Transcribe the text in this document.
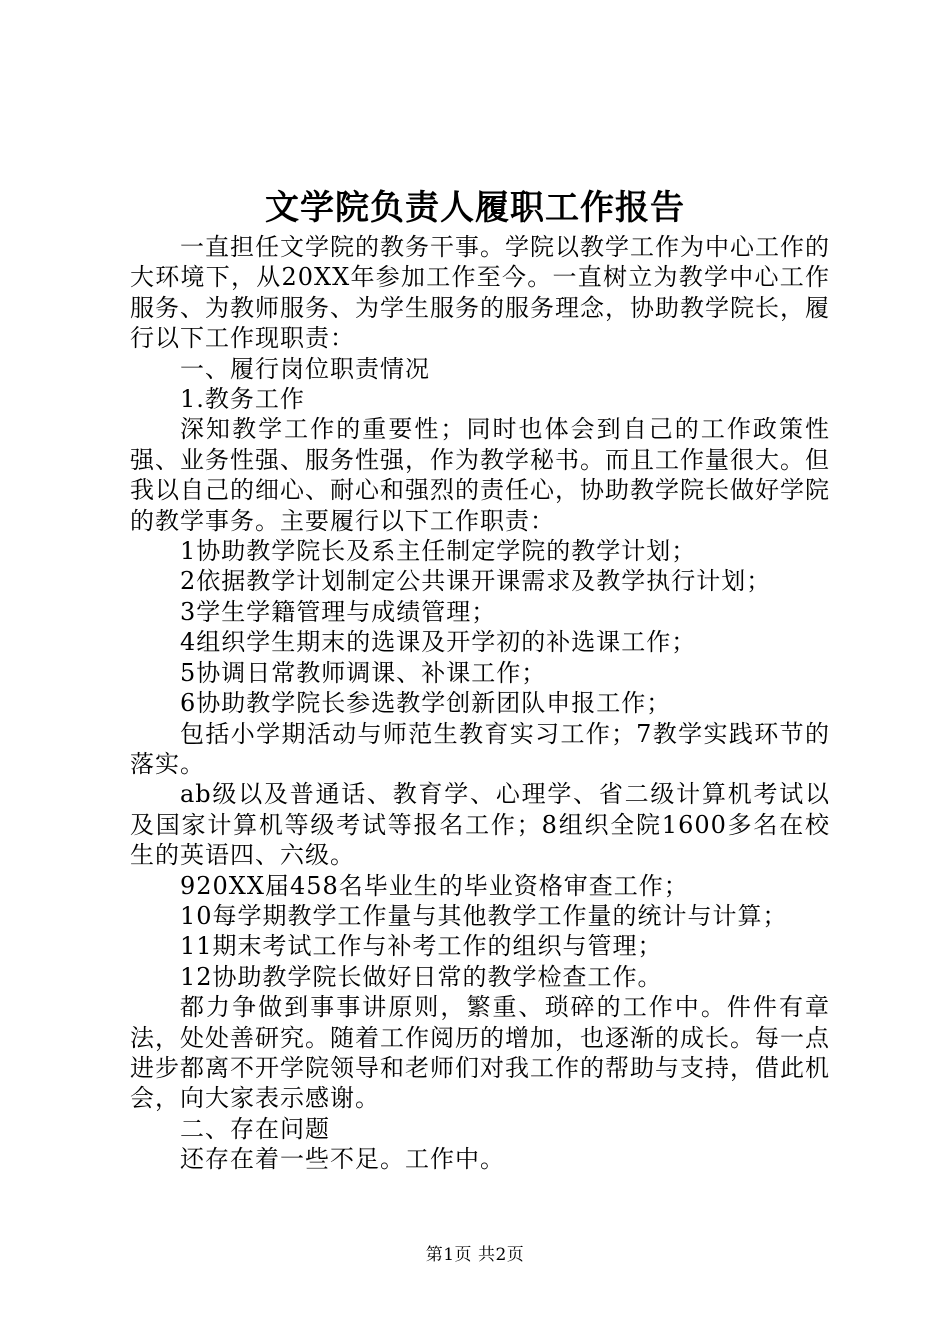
文学院负责人履职工作报告

一直担任文学院的教务干事。学院以教学工作为中心工作的大环境下，从20XX年参加工作至今。一直树立为教学中心工作服务、为教师服务、为学生服务的服务理念，协助教学院长，履行以下工作现职责：

一、履行岗位职责情况

1.教务工作

深知教学工作的重要性；同时也体会到自己的工作政策性强、业务性强、服务性强，作为教学秘书。而且工作量很大。但我以自己的细心、耐心和强烈的责任心，协助教学院长做好学院的教学事务。主要履行以下工作职责：

1协助教学院长及系主任制定学院的教学计划；

2依据教学计划制定公共课开课需求及教学执行计划；

3学生学籍管理与成绩管理；

4组织学生期末的选课及开学初的补选课工作；

5协调日常教师调课、补课工作；

6协助教学院长参选教学创新团队申报工作；

包括小学期活动与师范生教育实习工作；7教学实践环节的落实。

ab级以及普通话、教育学、心理学、省二级计算机考试以及国家计算机等级考试等报名工作；8组织全院1600多名在校生的英语四、六级。

920XX届458名毕业生的毕业资格审查工作；

10每学期教学工作量与其他教学工作量的统计与计算；

11期末考试工作与补考工作的组织与管理；

12协助教学院长做好日常的教学检查工作。

都力争做到事事讲原则，繁重、琐碎的工作中。件件有章法，处处善研究。随着工作阅历的增加，也逐渐的成长。每一点进步都离不开学院领导和老师们对我工作的帮助与支持，借此机会，向大家表示感谢。

二、存在问题

还存在着一些不足。工作中。

第1页 共2页
